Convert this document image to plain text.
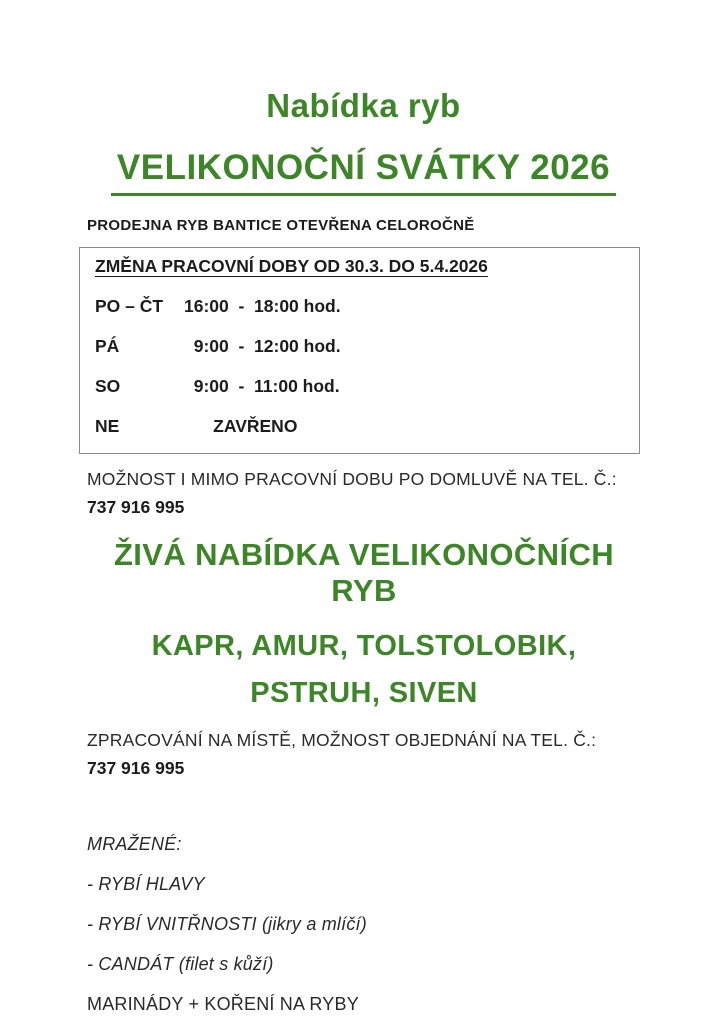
Nabídka ryb
VELIKONOČNÍ SVÁTKY 2026
PRODEJNA RYB BANTICE OTEVŘENA CELOROČNĚ
ZMĚNA PRACOVNÍ DOBY OD 30.3. DO 5.4.2026
PO – ČT	16:00  -  18:00 hod.
PÁ	9:00  -  12:00 hod.
SO	9:00  -  11:00 hod.
NE	ZAVŘENO
MOŽNOST I MIMO PRACOVNÍ DOBU PO DOMLUVĚ NA TEL. Č.:
737 916 995
ŽIVÁ NABÍDKA VELIKONOČNÍCH RYB
KAPR, AMUR, TOLSTOLOBIK,
PSTRUH, SIVEN
ZPRACOVÁNÍ NA MÍSTĚ, MOŽNOST OBJEDNÁNÍ NA TEL. Č.:
737 916 995
MRAŽENÉ:
- RYBÍ HLAVY
- RYBÍ VNITŘNOSTI (jikry a mlíčí)
- CANDÁT (filet s kůží)
MARINÁDY + KOŘENÍ NA RYBY
